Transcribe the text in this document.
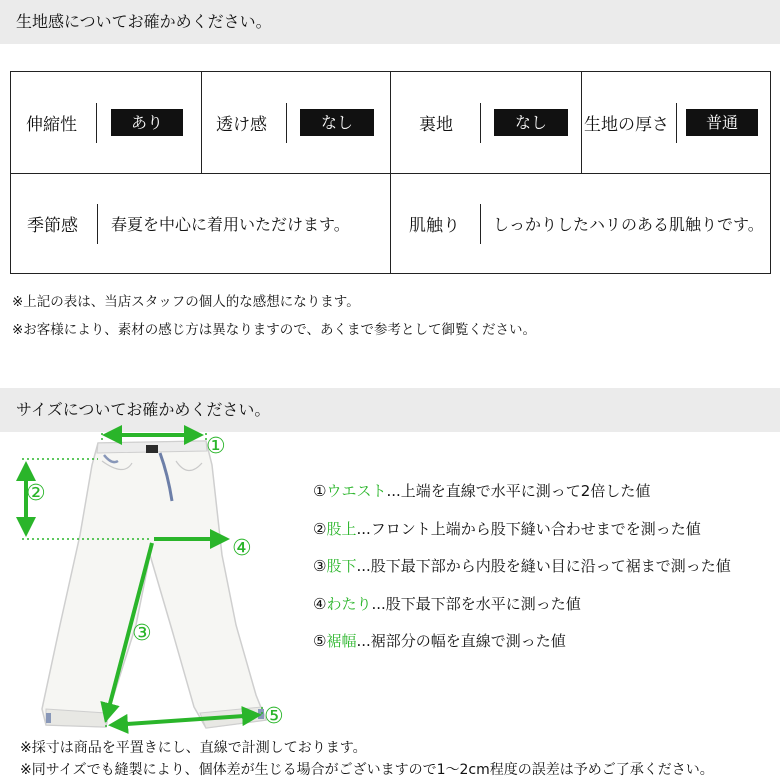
生地感についてお確かめください。
伸縮性	あり	透け感	なし	裏地	なし	生地の厚さ	普通
季節感 春夏を中心に着用いただけます。	肌触り しっかりしたハリのある肌触りです。
※上記の表は、当店スタッフの個人的な感想になります。
※お客様により、素材の感じ方は異なりますので、あくまで参考として御覧ください。
サイズについてお確かめください。
①
②
③
④
⑤
①ウエスト...上端を直線で水平に測って2倍した値
②股上...フロント上端から股下縫い合わせまでを測った値
③股下...股下最下部から内股を縫い目に沿って裾まで測った値
④わたり...股下最下部を水平に測った値
⑤裾幅...裾部分の幅を直線で測った値
※採寸は商品を平置きにし、直線で計測しております。
※同サイズでも縫製により、個体差が生じる場合がございますので1～2cm程度の誤差は予めご了承ください。
